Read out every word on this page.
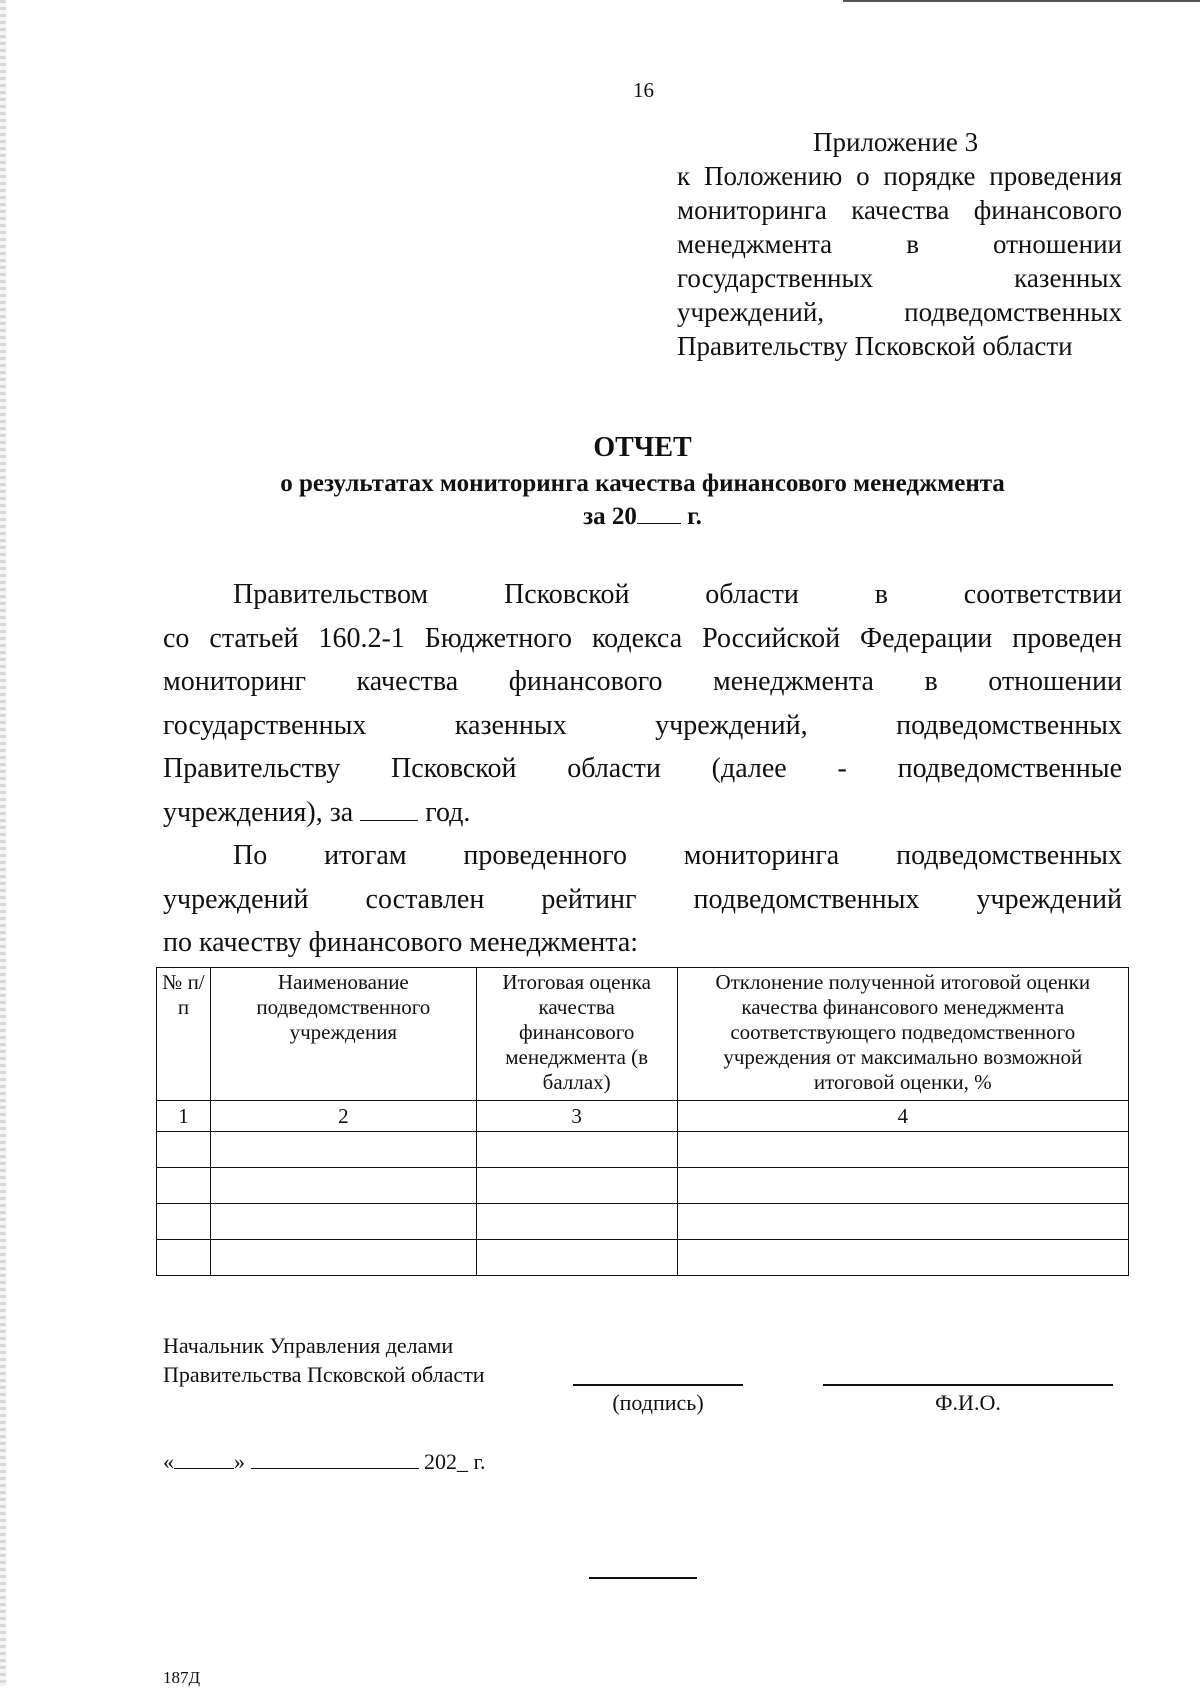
16
Приложение 3
к Положению о порядке проведения
мониторинга качества финансового
менеджмента в отношении
государственных казенных
учреждений, подведомственных
Правительству Псковской области
ОТЧЕТ
о результатах мониторинга качества финансового менеджмента
за 20 г.
Правительством Псковской области в соответствии
со статьей 160.2-1 Бюджетного кодекса Российской Федерации проведен
мониторинг качества финансового менеджмента в отношении
государственных казенных учреждений, подведомственных
Правительству Псковской области (далее - подведомственные
учреждения), за	год.
По итогам проведенного мониторинга подведомственных
учреждений составлен рейтинг подведомственных учреждений
по качеству финансового менеджмента:
№ п/п	Наименование подведомственного учреждения	Итоговая оценка качества финансового менеджмента (в баллах)	Отклонение полученной итоговой оценки качества финансового менеджмента соответствующего подведомственного учреждения от максимально возможной итоговой оценки, %
1	2	3	4

Начальник Управления делами
Правительства Псковской области
(подпись)	Ф.И.О.
«	»	202_ г.
187Д
